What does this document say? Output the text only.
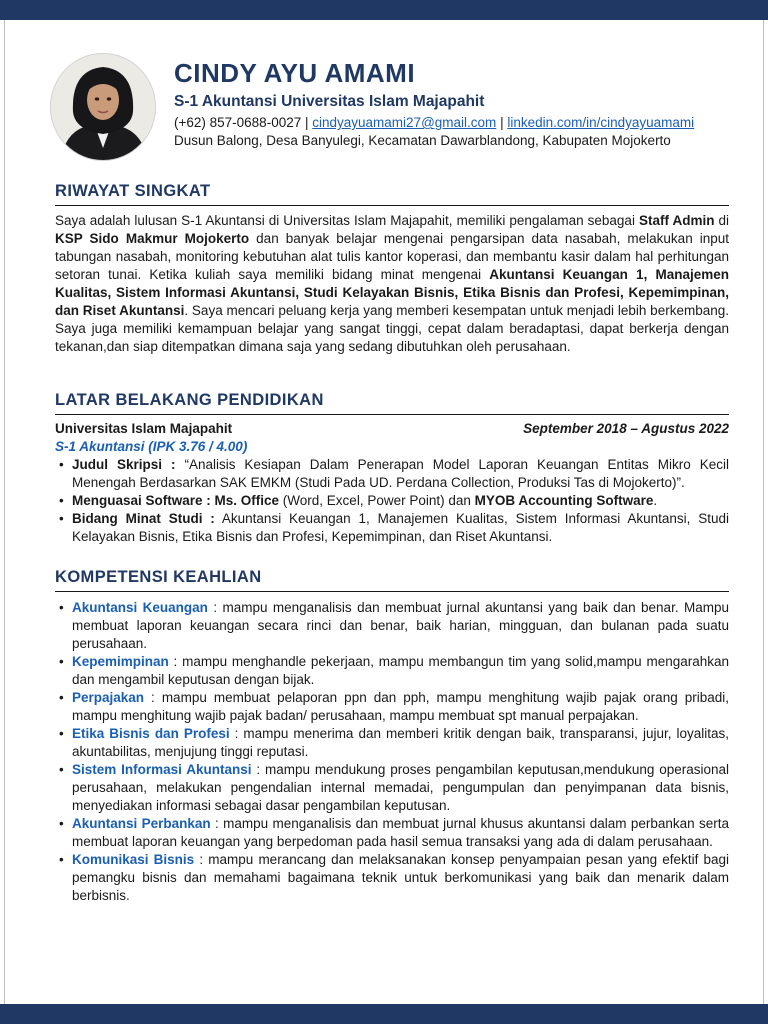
CINDY AYU AMAMI
S-1 Akuntansi Universitas Islam Majapahit
(+62) 857-0688-0027 | cindyayuamami27@gmail.com | linkedin.com/in/cindyayuamami
Dusun Balong, Desa Banyulegi, Kecamatan Dawarblandong, Kabupaten Mojokerto
RIWAYAT SINGKAT

Saya adalah lulusan S-1 Akuntansi di Universitas Islam Majapahit, memiliki pengalaman sebagai Staff Admin di KSP Sido Makmur Mojokerto dan banyak belajar mengenai pengarsipan data nasabah, melakukan input tabungan nasabah, monitoring kebutuhan alat tulis kantor koperasi, dan membantu kasir dalam hal perhitungan setoran tunai. Ketika kuliah saya memiliki bidang minat mengenai Akuntansi Keuangan 1, Manajemen Kualitas, Sistem Informasi Akuntansi, Studi Kelayakan Bisnis, Etika Bisnis dan Profesi, Kepemimpinan, dan Riset Akuntansi. Saya mencari peluang kerja yang memberi kesempatan untuk menjadi lebih berkembang. Saya juga memiliki kemampuan belajar yang sangat tinggi, cepat dalam beradaptasi, dapat berkerja dengan tekanan,dan siap ditempatkan dimana saja yang sedang dibutuhkan oleh perusahaan.

LATAR BELAKANG PENDIDIKAN
Universitas Islam Majapahit	September 2018 – Agustus 2022
S-1 Akuntansi (IPK 3.76 / 4.00)
• Judul Skripsi : “Analisis Kesiapan Dalam Penerapan Model Laporan Keuangan Entitas Mikro Kecil Menengah Berdasarkan SAK EMKM (Studi Pada UD. Perdana Collection, Produksi Tas di Mojokerto)”.
• Menguasai Software : Ms. Office (Word, Excel, Power Point) dan MYOB Accounting Software.
• Bidang Minat Studi : Akuntansi Keuangan 1, Manajemen Kualitas, Sistem Informasi Akuntansi, Studi Kelayakan Bisnis, Etika Bisnis dan Profesi, Kepemimpinan, dan Riset Akuntansi.
KOMPETENSI KEAHLIAN
• Akuntansi Keuangan : mampu menganalisis dan membuat jurnal akuntansi yang baik dan benar. Mampu membuat laporan keuangan secara rinci dan benar, baik harian, mingguan, dan bulanan pada suatu perusahaan.
• Kepemimpinan : mampu menghandle pekerjaan, mampu membangun tim yang solid,mampu mengarahkan dan mengambil keputusan dengan bijak.
• Perpajakan : mampu membuat pelaporan ppn dan pph, mampu menghitung wajib pajak orang pribadi, mampu menghitung wajib pajak badan/ perusahaan, mampu membuat spt manual perpajakan.
• Etika Bisnis dan Profesi : mampu menerima dan memberi kritik dengan baik, transparansi, jujur, loyalitas, akuntabilitas, menjujung tinggi reputasi.
• Sistem Informasi Akuntansi : mampu mendukung proses pengambilan keputusan,mendukung operasional perusahaan, melakukan pengendalian internal memadai, pengumpulan dan penyimpanan data bisnis, menyediakan informasi sebagai dasar pengambilan keputusan.
• Akuntansi Perbankan : mampu menganalisis dan membuat jurnal khusus akuntansi dalam perbankan serta membuat laporan keuangan yang berpedoman pada hasil semua transaksi yang ada di dalam perusahaan.
• Komunikasi Bisnis : mampu merancang dan melaksanakan konsep penyampaian pesan yang efektif bagi pemangku bisnis dan memahami bagaimana teknik untuk berkomunikasi yang baik dan menarik dalam berbisnis.
